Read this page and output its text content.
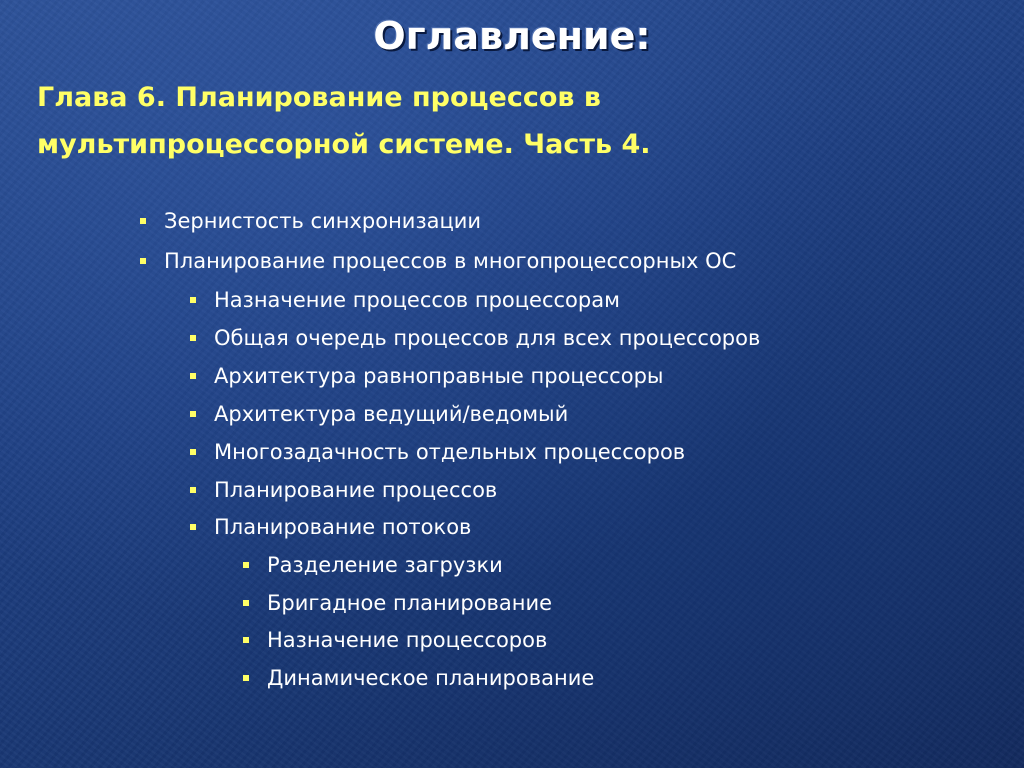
Оглавление:
Глава 6. Планирование процессов в
мультипроцессорной системе. Часть 4.
Зернистость синхронизации
Планирование процессов в многопроцессорных ОС
Назначение процессов процессорам
Общая очередь процессов для всех процессоров
Архитектура равноправные процессоры
Архитектура ведущий/ведомый
Многозадачность отдельных процессоров
Планирование процессов
Планирование потоков
Разделение загрузки
Бригадное планирование
Назначение процессоров
Динамическое планирование
